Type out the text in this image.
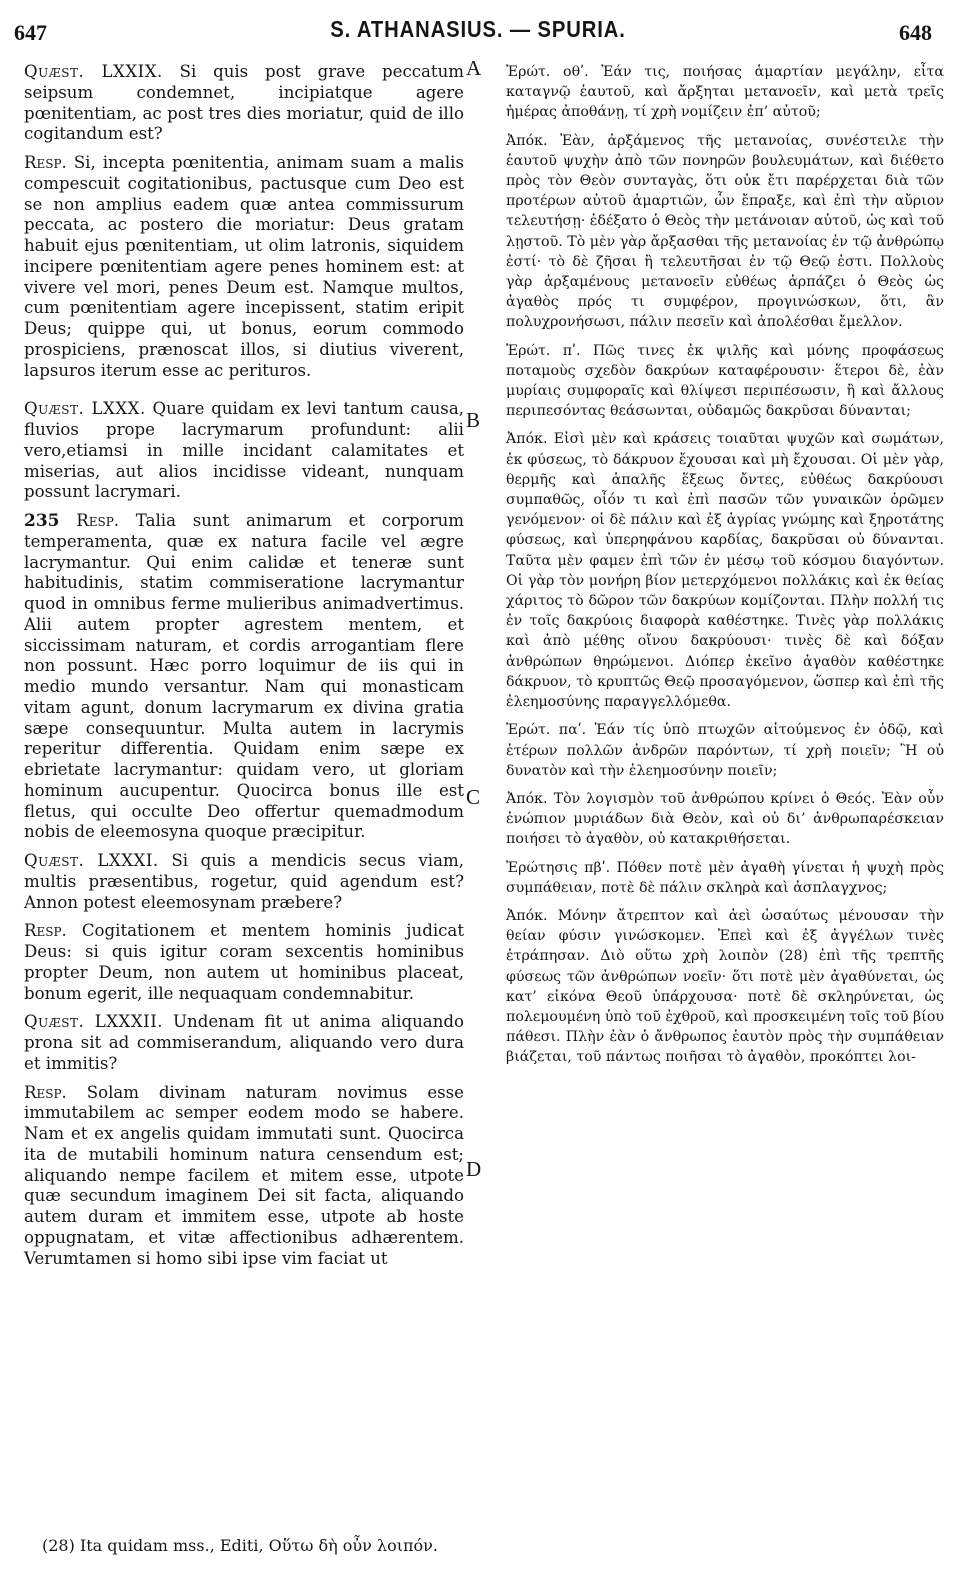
647	S. ATHANASIUS. — SPURIA.	648

Quæst. LXXIX. Si quis post grave peccatum seipsum condemnet, incipiatque agere pœnitentiam, ac post tres dies moriatur, quid de illo cogitandum est?

Resp. Si, incepta pœnitentia, animam suam a malis compescuit cogitationibus, pactusque cum Deo est se non amplius eadem quæ antea commissurum peccata, ac postero die moriatur: Deus gratam habuit ejus pœnitentiam, ut olim latronis, siquidem incipere pœnitentiam agere penes hominem est: at vivere vel mori, penes Deum est. Namque multos, cum pœnitentiam agere incepissent, statim eripit Deus; quippe qui, ut bonus, eorum commodo prospiciens, prænoscat illos, si diutius viverent, lapsuros iterum esse ac perituros.

Quæst. LXXX. Quare quidam ex levi tantum causa, fluvios prope lacrymarum profundunt: alii vero,etiamsi in mille incidant calamitates et miserias, aut alios incidisse videant, nunquam possunt lacrymari.

235 Resp. Talia sunt animarum et corporum temperamenta, quæ ex natura facile vel ægre lacrymantur. Qui enim calidæ et teneræ sunt habitudinis, statim commiseratione lacrymantur quod in omnibus ferme mulieribus animadvertimus. Alii autem propter agrestem mentem, et siccissimam naturam, et cordis arrogantiam flere non possunt. Hæc porro loquimur de iis qui in medio mundo versantur. Nam qui monasticam vitam agunt, donum lacrymarum ex divina gratia sæpe consequuntur. Multa autem in lacrymis reperitur differentia. Quidam enim sæpe ex ebrietate lacrymantur: quidam vero, ut gloriam hominum aucupentur. Quocirca bonus ille est fletus, qui occulte Deo offertur quemadmodum nobis de eleemosyna quoque præcipitur.

Quæst. LXXXI. Si quis a mendicis secus viam, multis præsentibus, rogetur, quid agendum est? Annon potest eleemosynam præbere?

Resp. Cogitationem et mentem hominis judicat Deus: si quis igitur coram sexcentis hominibus propter Deum, non autem ut hominibus placeat, bonum egerit, ille nequaquam condemnabitur.

Quæst. LXXXII. Undenam fit ut anima aliquando prona sit ad commiserandum, aliquando vero dura et immitis?

Resp. Solam divinam naturam novimus esse immutabilem ac semper eodem modo se habere. Nam et ex angelis quidam immutati sunt. Quocirca ita de mutabili hominum natura censendum est; aliquando nempe facilem et mitem esse, utpote quæ secundum imaginem Dei sit facta, aliquando autem duram et immitem esse, utpote ab hoste oppugnatam, et vitæ affectionibus adhærentem. Verumtamen si homo sibi ipse vim faciat ut

A
B
C
D

Ἐρώτ. οθʹ. Ἐάν τις, ποιήσας ἁμαρτίαν μεγάλην, εἶτα καταγνῷ ἑαυτοῦ, καὶ ἄρξηται μετανοεῖν, καὶ μετὰ τρεῖς ἡμέρας ἀποθάνῃ, τί χρὴ νομίζειν ἐπ’ αὐτοῦ;

Ἀπόκ. Ἐὰν, ἀρξάμενος τῆς μετανοίας, συνέστειλε τὴν ἑαυτοῦ ψυχὴν ἀπὸ τῶν πονηρῶν βουλευμάτων, καὶ διέθετο πρὸς τὸν Θεὸν συνταγὰς, ὅτι οὐκ ἔτι παρέρχεται διὰ τῶν προτέρων αὐτοῦ ἁμαρτιῶν, ὧν ἔπραξε, καὶ ἐπὶ τὴν αὔριον τελευτήσῃ· ἐδέξατο ὁ Θεὸς τὴν μετάνοιαν αὐτοῦ, ὡς καὶ τοῦ λῃστοῦ. Τὸ μὲν γὰρ ἄρξασθαι τῆς μετανοίας ἐν τῷ ἀνθρώπῳ ἐστί· τὸ δὲ ζῆσαι ἢ τελευτῆσαι ἐν τῷ Θεῷ ἐστι. Πολλοὺς γὰρ ἀρξαμένους μετανοεῖν εὐθέως ἁρπάζει ὁ Θεὸς ὡς ἀγαθὸς πρός τι συμφέρον, προγινώσκων, ὅτι, ἂν πολυχρονήσωσι, πάλιν πεσεῖν καὶ ἀπολέσθαι ἔμελλον.

Ἐρώτ. πʹ. Πῶς τινες ἐκ ψιλῆς καὶ μόνης προφάσεως ποταμοὺς σχεδὸν δακρύων καταφέρουσιν· ἕτεροι δὲ, ἐὰν μυρίαις συμφοραῖς καὶ θλίψεσι περιπέσωσιν, ἢ καὶ ἄλλους περιπεσόντας θεάσωνται, οὐδαμῶς δακρῦσαι δύνανται;

Ἀπόκ. Εἰσὶ μὲν καὶ κράσεις τοιαῦται ψυχῶν καὶ σωμάτων, ἐκ φύσεως, τὸ δάκρυον ἔχουσαι καὶ μὴ ἔχουσαι. Οἱ μὲν γὰρ, θερμῆς καὶ ἁπαλῆς ἕξεως ὄντες, εὐθέως δακρύουσι συμπαθῶς, οἷόν τι καὶ ἐπὶ πασῶν τῶν γυναικῶν ὁρῶμεν γενόμενον· οἱ δὲ πάλιν καὶ ἐξ ἀγρίας γνώμης καὶ ξηροτάτης φύσεως, καὶ ὑπερηφάνου καρδίας, δακρῦσαι οὐ δύνανται. Ταῦτα μὲν φαμεν ἐπὶ τῶν ἐν μέσῳ τοῦ κόσμου διαγόντων. Οἱ γὰρ τὸν μονήρη βίον μετερχόμενοι πολλάκις καὶ ἐκ θείας χάριτος τὸ δῶρον τῶν δακρύων κομίζονται. Πλὴν πολλή τις ἐν τοῖς δακρύοις διαφορὰ καθέστηκε. Τινὲς γὰρ πολλάκις καὶ ἀπὸ μέθης οἴνου δακρύουσι· τινὲς δὲ καὶ δόξαν ἀνθρώπων θηρώμενοι. Διόπερ ἐκεῖνο ἀγαθὸν καθέστηκε δάκρυον, τὸ κρυπτῶς Θεῷ προσαγόμενον, ὥσπερ καὶ ἐπὶ τῆς ἐλεημοσύνης παραγγελλόμεθα.

Ἐρώτ. παʹ. Ἐάν τίς ὑπὸ πτωχῶν αἰτούμενος ἐν ὁδῷ, καὶ ἑτέρων πολλῶν ἀνδρῶν παρόντων, τί χρὴ ποιεῖν; Ἢ οὐ δυνατὸν καὶ τὴν ἐλεημοσύνην ποιεῖν;

Ἀπόκ. Τὸν λογισμὸν τοῦ ἀνθρώπου κρίνει ὁ Θεός. Ἐὰν οὖν ἐνώπιον μυριάδων διὰ Θεὸν, καὶ οὐ δι’ ἀνθρωπαρέσκειαν ποιήσει τὸ ἀγαθὸν, οὐ κατακριθήσεται.

Ἐρώτησις πβʹ. Πόθεν ποτὲ μὲν ἀγαθὴ γίνεται ἡ ψυχὴ πρὸς συμπάθειαν, ποτὲ δὲ πάλιν σκληρὰ καὶ ἀσπλαγχνος;

Ἀπόκ. Μόνην ἄτρεπτον καὶ ἀεὶ ὡσαύτως μένουσαν τὴν θείαν φύσιν γινώσκομεν. Ἐπεὶ καὶ ἐξ ἀγγέλων τινὲς ἐτράπησαν. Διὸ οὕτω χρὴ λοιπὸν (28) ἐπὶ τῆς τρεπτῆς φύσεως τῶν ἀνθρώπων νοεῖν· ὅτι ποτὲ μὲν ἀγαθύνεται, ὡς κατ’ εἰκόνα Θεοῦ ὑπάρχουσα· ποτὲ δὲ σκληρύνεται, ὡς πολεμουμένη ὑπὸ τοῦ ἐχθροῦ, καὶ προσκειμένη τοῖς τοῦ βίου πάθεσι. Πλὴν ἐὰν ὁ ἄνθρωπος ἑαυτὸν πρὸς τὴν συμπάθειαν βιάζεται, τοῦ πάντως ποιῆσαι τὸ ἀγαθὸν, προκόπτει λοι-

(28) Ita quidam mss., Editi, Οὕτω δὴ οὖν λοιπόν.
